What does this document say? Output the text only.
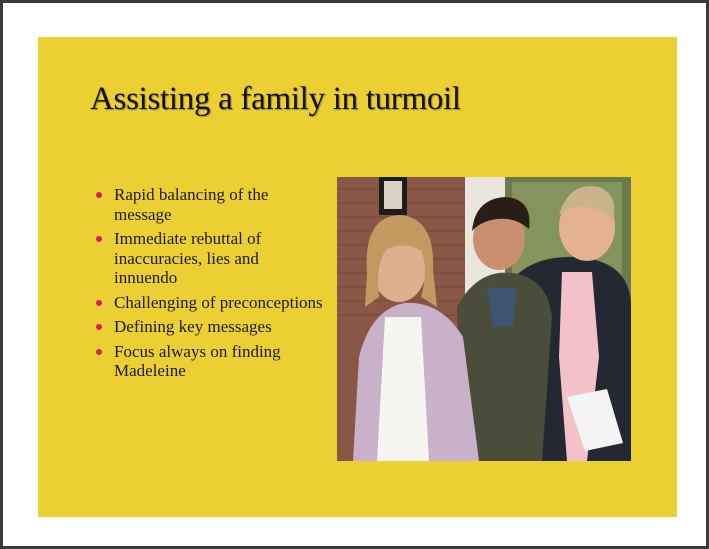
Assisting a family in turmoil
Rapid balancing of the message
Immediate rebuttal of inaccuracies, lies and innuendo
Challenging of preconceptions
Defining key messages
Focus always on finding Madeleine
